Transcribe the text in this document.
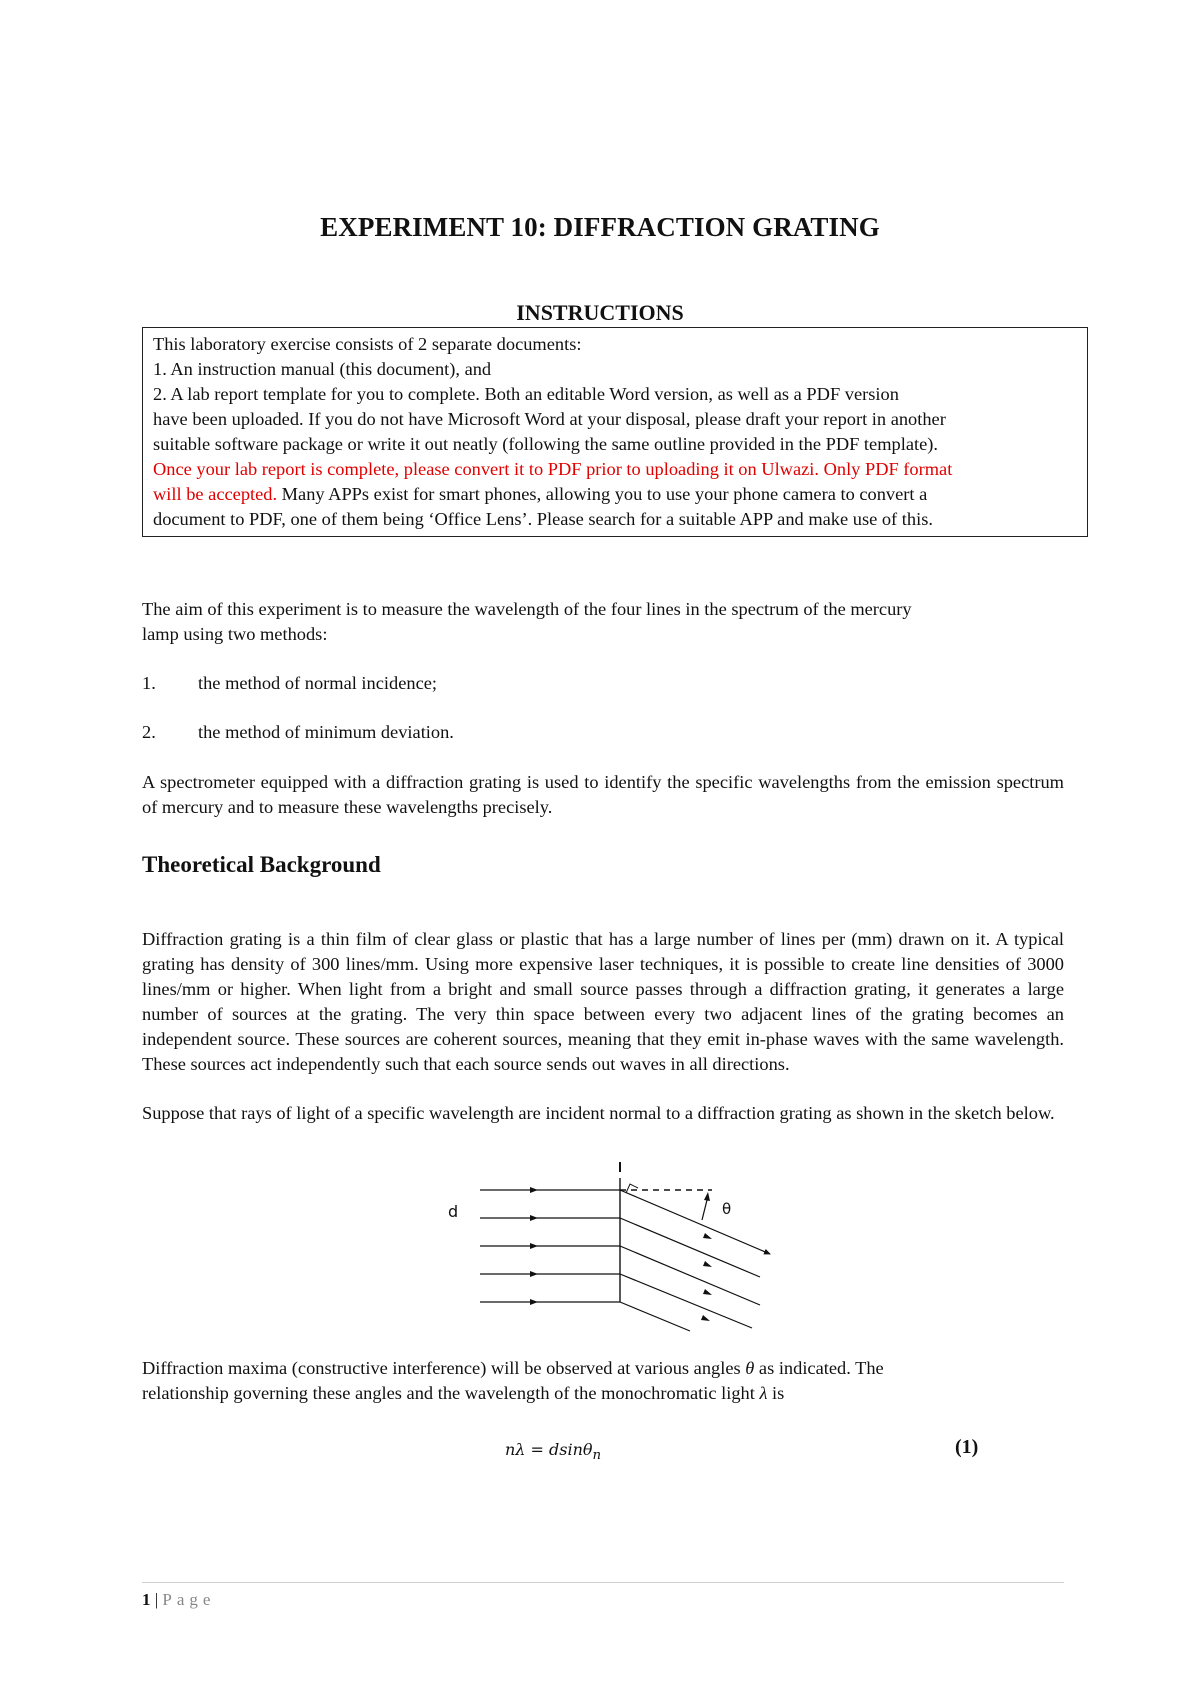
EXPERIMENT 10: DIFFRACTION GRATING
INSTRUCTIONS
This laboratory exercise consists of 2 separate documents:
1. An instruction manual (this document), and
2. A lab report template for you to complete. Both an editable Word version, as well as a PDF version
have been uploaded. If you do not have Microsoft Word at your disposal, please draft your report in another
suitable software package or write it out neatly (following the same outline provided in the PDF template).
Once your lab report is complete, please convert it to PDF prior to uploading it on Ulwazi. Only PDF format
will be accepted. Many APPs exist for smart phones, allowing you to use your phone camera to convert a
document to PDF, one of them being ‘Office Lens’. Please search for a suitable APP and make use of this.
The aim of this experiment is to measure the wavelength of the four lines in the spectrum of the mercury
lamp using two methods:
1. the method of normal incidence;
2. the method of minimum deviation.
A spectrometer equipped with a diffraction grating is used to identify the specific wavelengths from the emission spectrum of mercury and to measure these wavelengths precisely.
Theoretical Background
Diffraction grating is a thin film of clear glass or plastic that has a large number of lines per (mm) drawn on it. A typical grating has density of 300 lines/mm. Using more expensive laser techniques, it is possible to create line densities of 3000 lines/mm or higher. When light from a bright and small source passes through a diffraction grating, it generates a large number of sources at the grating. The very thin space between every two adjacent lines of the grating becomes an independent source. These sources are coherent sources, meaning that they emit in-phase waves with the same wavelength. These sources act independently such that each source sends out waves in all directions.
Suppose that rays of light of a specific wavelength are incident normal to a diffraction grating as shown in the sketch below.
d	θ
Diffraction maxima (constructive interference) will be observed at various angles θ as indicated. The
relationship governing these angles and the wavelength of the monochromatic light λ is
nλ = dsinθ$_n$	(1)
1 | Page
